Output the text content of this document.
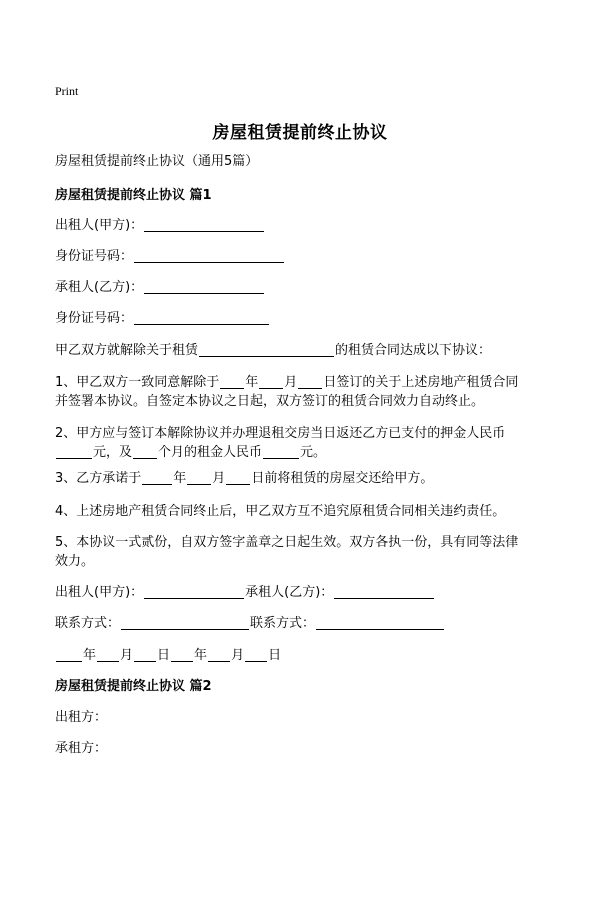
Print
房屋租赁提前终止协议
房屋租赁提前终止协议（通用5篇）
房屋租赁提前终止协议 篇1
出租人(甲方)：
身份证号码：
承租人(乙方)：
身份证号码：
甲乙双方就解除关于租赁	的租赁合同达成以下协议：
1、甲乙双方一致同意解除于 年 月 日签订的关于上述房地产租赁合同
并签署本协议。自签定本协议之日起，双方签订的租赁合同效力自动终止。
2、甲方应与签订本解除协议并办理退租交房当日返还乙方已支付的押金人民币
元，及 个月的租金人民币	元。
3、乙方承诺于 年 月 日前将租赁的房屋交还给甲方。
4、上述房地产租赁合同终止后，甲乙双方互不追究原租赁合同相关违约责任。
5、本协议一式贰份，自双方签字盖章之日起生效。双方各执一份，具有同等法律
效力。
出租人(甲方)：	承租人(乙方)：
联系方式：	联系方式：
年 月 日 年 月 日
房屋租赁提前终止协议 篇2
出租方：
承租方：
